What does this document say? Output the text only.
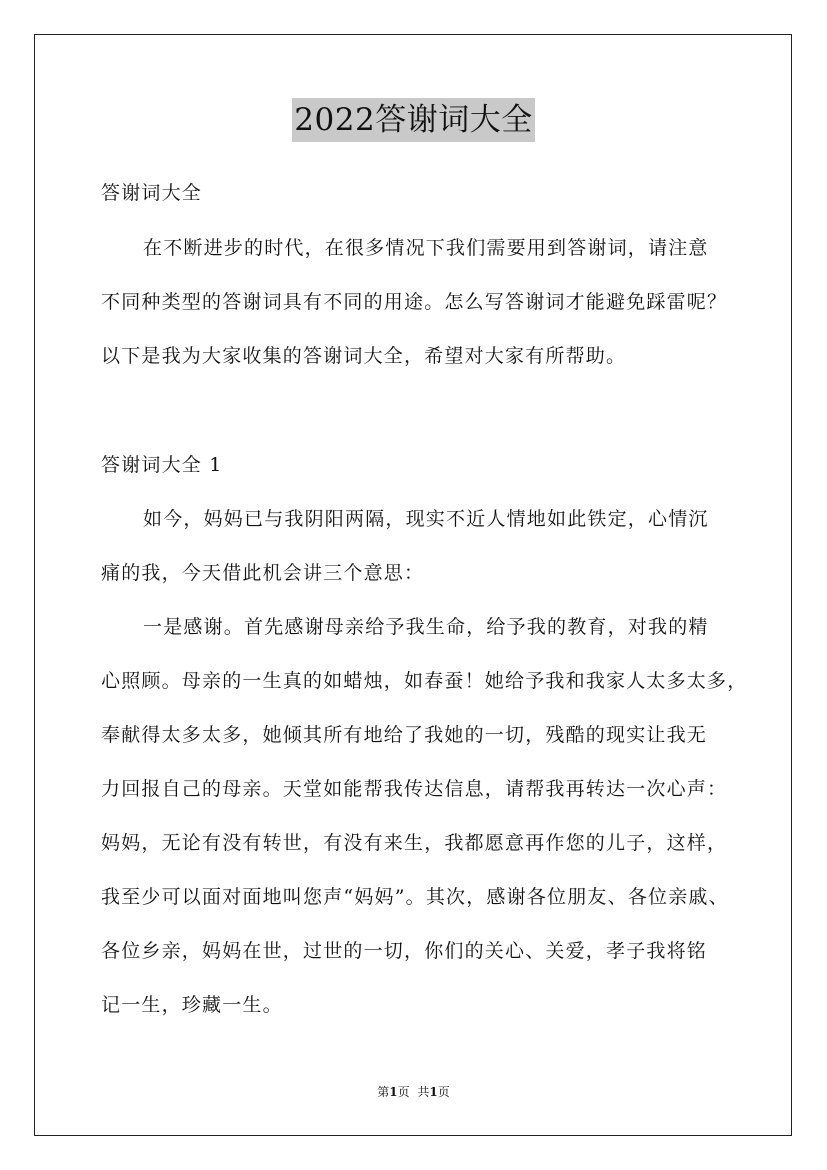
2022答谢词大全
答谢词大全
在不断进步的时代，在很多情况下我们需要用到答谢词，请注意
不同种类型的答谢词具有不同的用途。怎么写答谢词才能避免踩雷呢？
以下是我为大家收集的答谢词大全，希望对大家有所帮助。
答谢词大全 1
如今，妈妈已与我阴阳两隔，现实不近人情地如此铁定，心情沉
痛的我，今天借此机会讲三个意思：
一是感谢。首先感谢母亲给予我生命，给予我的教育，对我的精
心照顾。母亲的一生真的如蜡烛，如春蚕！她给予我和我家人太多太多，
奉献得太多太多，她倾其所有地给了我她的一切，残酷的现实让我无
力回报自己的母亲。天堂如能帮我传达信息，请帮我再转达一次心声：
妈妈，无论有没有转世，有没有来生，我都愿意再作您的儿子，这样，
我至少可以面对面地叫您声“妈妈”。其次，感谢各位朋友、各位亲戚、
各位乡亲，妈妈在世，过世的一切，你们的关心、关爱，孝子我将铭
记一生，珍藏一生。
第1页 共1页
